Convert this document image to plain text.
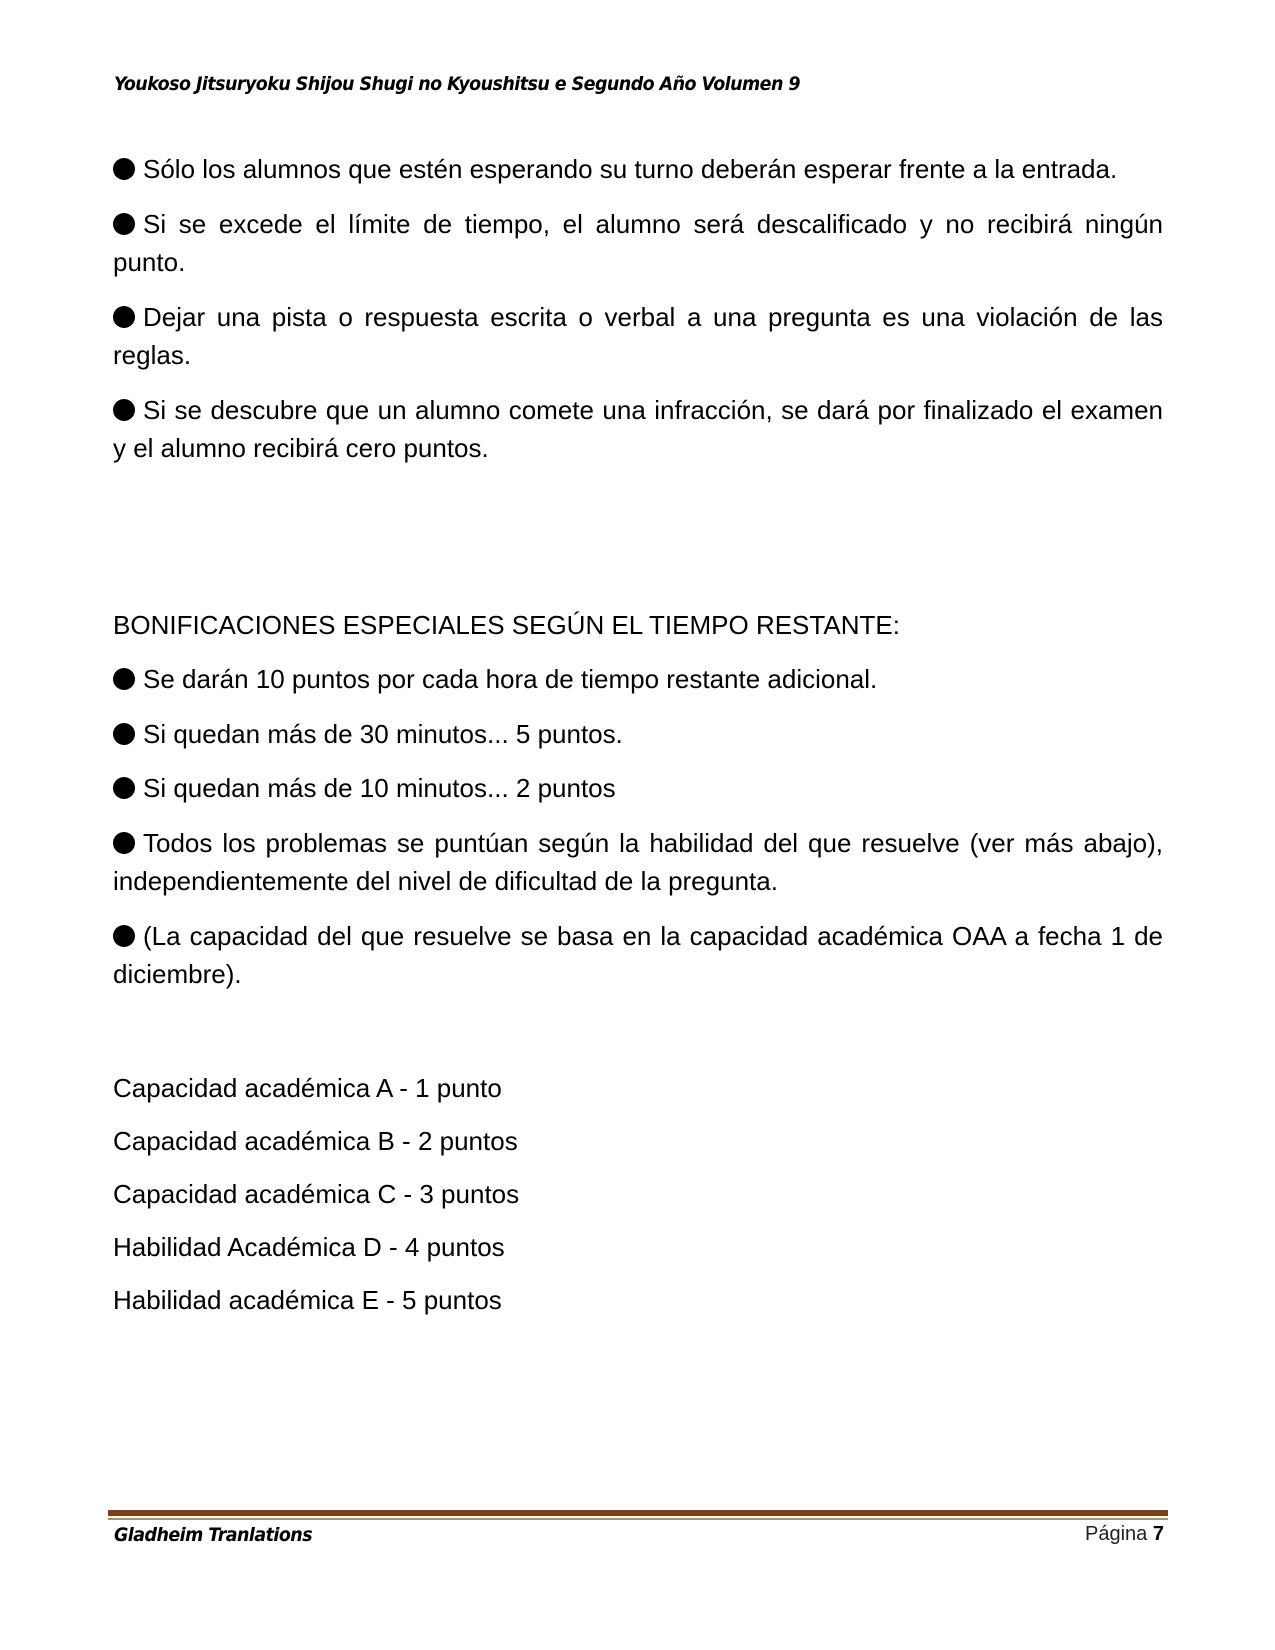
Youkoso Jitsuryoku Shijou Shugi no Kyoushitsu e Segundo Año Volumen 9

Sólo los alumnos que estén esperando su turno deberán esperar frente a la entrada.

Si se excede el límite de tiempo, el alumno será descalificado y no recibirá ningún punto.

Dejar una pista o respuesta escrita o verbal a una pregunta es una violación de las reglas.

Si se descubre que un alumno comete una infracción, se dará por finalizado el examen y el alumno recibirá cero puntos.

BONIFICACIONES ESPECIALES SEGÚN EL TIEMPO RESTANTE:

Se darán 10 puntos por cada hora de tiempo restante adicional.

Si quedan más de 30 minutos... 5 puntos.

Si quedan más de 10 minutos... 2 puntos

Todos los problemas se puntúan según la habilidad del que resuelve (ver más abajo), independientemente del nivel de dificultad de la pregunta.

(La capacidad del que resuelve se basa en la capacidad académica OAA a fecha 1 de diciembre).

Capacidad académica A - 1 punto

Capacidad académica B - 2 puntos

Capacidad académica C - 3 puntos

Habilidad Académica D - 4 puntos

Habilidad académica E - 5 puntos

Gladheim Tranlations	Página 7
